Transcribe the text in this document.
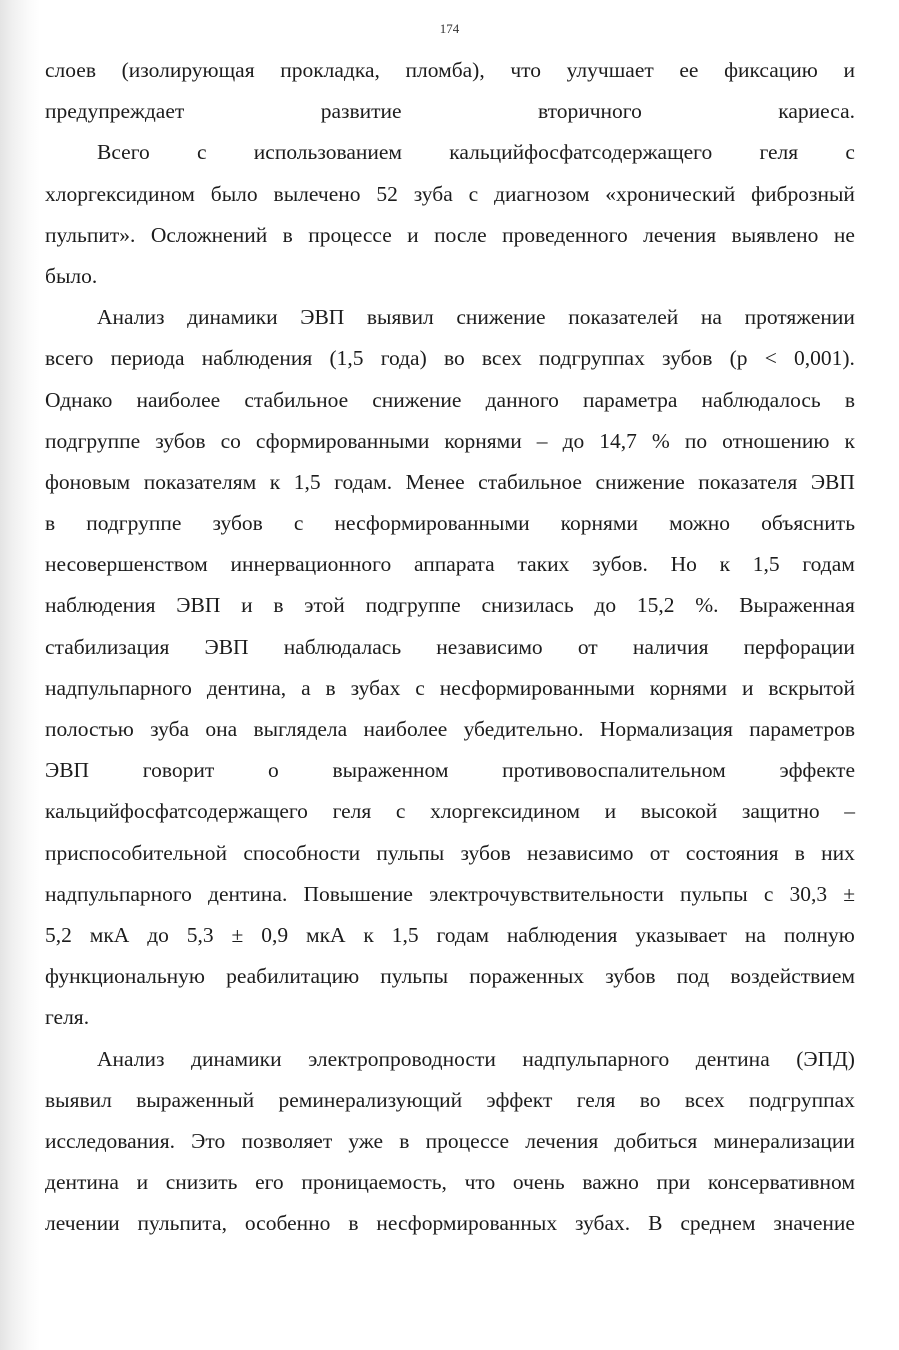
174
слоев (изолирующая прокладка, пломба), что улучшает ее фиксацию и
предупреждает развитие вторичного кариеса.
Всего с использованием кальцийфосфатсодержащего геля с
хлоргексидином было вылечено 52 зуба с диагнозом «хронический фиброзный
пульпит». Осложнений в процессе и после проведенного лечения выявлено не
было.
Анализ динамики ЭВП выявил снижение показателей на протяжении
всего периода наблюдения (1,5 года) во всех подгруппах зубов (р < 0,001).
Однако наиболее стабильное снижение данного параметра наблюдалось в
подгруппе зубов со сформированными корнями – до 14,7 % по отношению к
фоновым показателям к 1,5 годам. Менее стабильное снижение показателя ЭВП
в подгруппе зубов с несформированными корнями можно объяснить
несовершенством иннервационного аппарата таких зубов. Но к 1,5 годам
наблюдения ЭВП и в этой подгруппе снизилась до 15,2 %. Выраженная
стабилизация ЭВП наблюдалась независимо от наличия перфорации
надпульпарного дентина, а в зубах с несформированными корнями и вскрытой
полостью зуба она выглядела наиболее убедительно. Нормализация параметров
ЭВП говорит о выраженном противовоспалительном эффекте
кальцийфосфатсодержащего геля с хлоргексидином и высокой защитно –
приспособительной способности пульпы зубов независимо от состояния в них
надпульпарного дентина. Повышение электрочувствительности пульпы с 30,3 ±
5,2 мкА до 5,3 ± 0,9 мкА к 1,5 годам наблюдения указывает на полную
функциональную реабилитацию пульпы пораженных зубов под воздействием
геля.
Анализ динамики электропроводности надпульпарного дентина (ЭПД)
выявил выраженный реминерализующий эффект геля во всех подгруппах
исследования. Это позволяет уже в процессе лечения добиться минерализации
дентина и снизить его проницаемость, что очень важно при консервативном
лечении пульпита, особенно в несформированных зубах. В среднем значение
